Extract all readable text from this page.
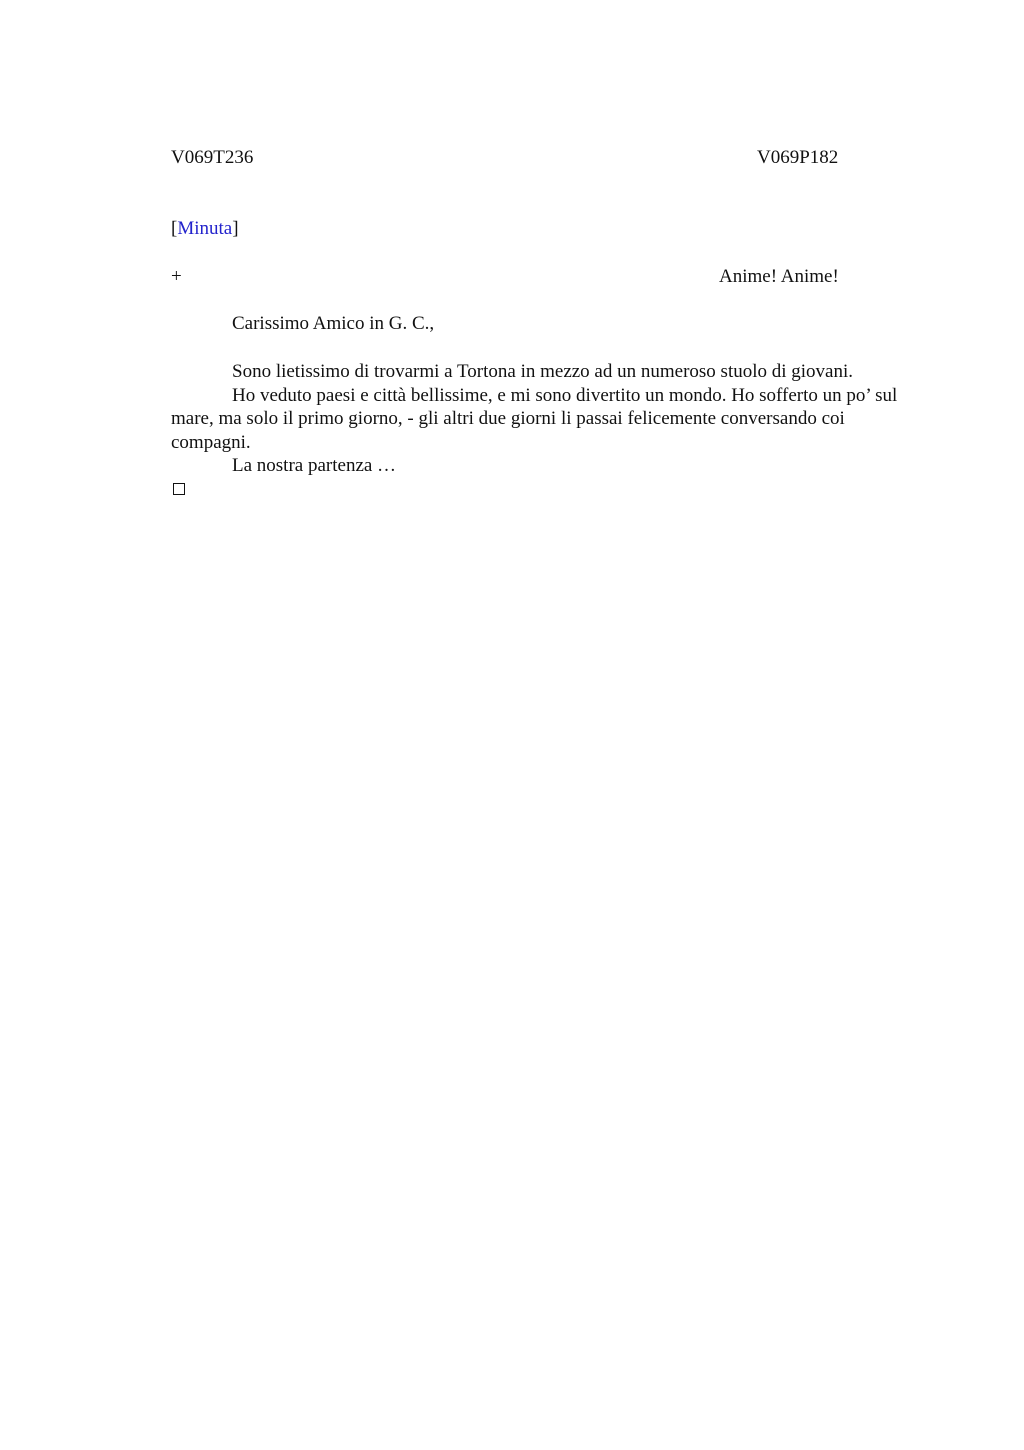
V069T236	V069P182
[Minuta]
+	Anime! Anime!
Carissimo Amico in G. C.,

Sono lietissimo di trovarmi a Tortona in mezzo ad un numeroso stuolo di giovani.

Ho veduto paesi e città bellissime, e mi sono divertito un mondo. Ho sofferto un po’ sul mare, ma solo il primo giorno, - gli altri due giorni li passai felicemente conversando coi compagni.

La nostra partenza …
